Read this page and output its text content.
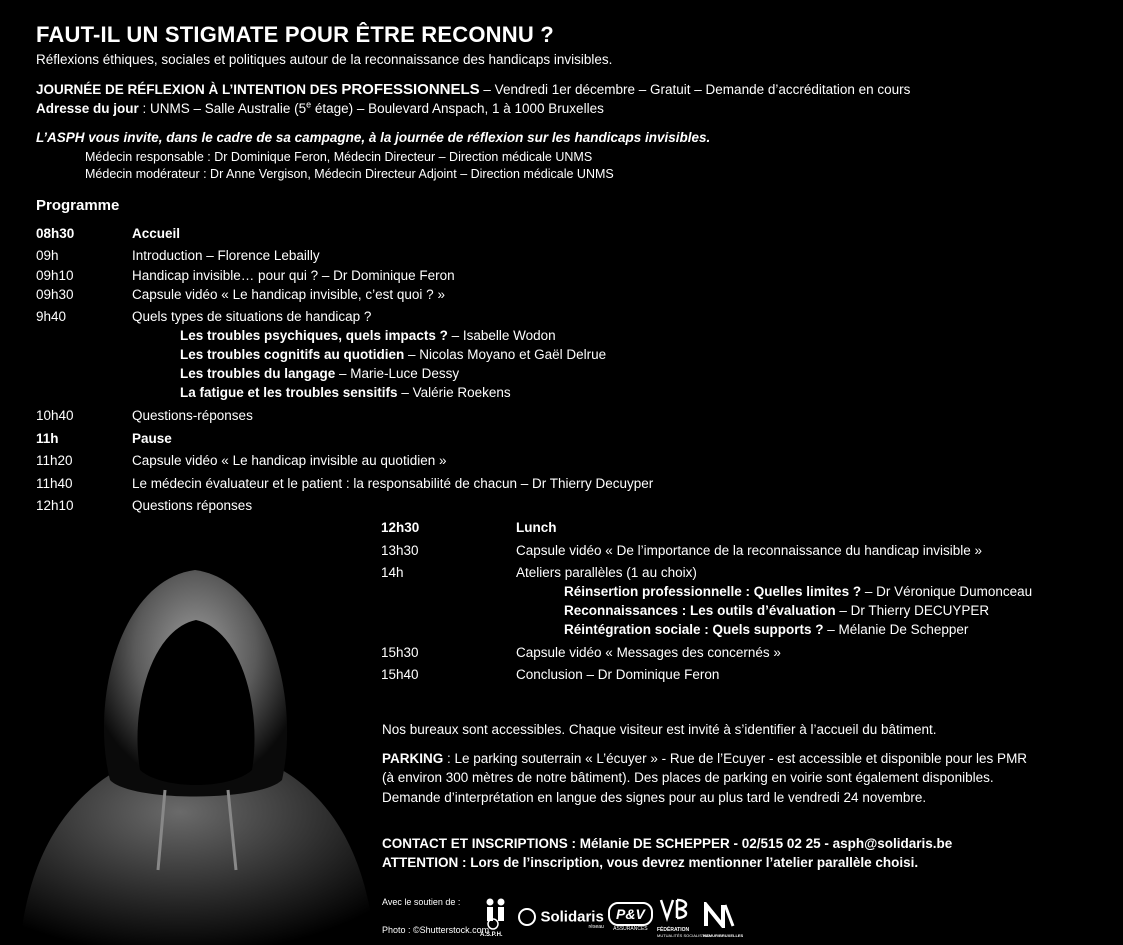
FAUT-IL UN STIGMATE POUR ÊTRE RECONNU ?
Réflexions éthiques, sociales et politiques autour de la reconnaissance des handicaps invisibles.
JOURNÉE DE RÉFLEXION À L’INTENTION DES PROFESSIONNELS – Vendredi 1er décembre – Gratuit – Demande d’accréditation en cours
Adresse du jour : UNMS – Salle Australie (5e étage) – Boulevard Anspach, 1 à 1000 Bruxelles
L’ASPH vous invite, dans le cadre de sa campagne, à la journée de réflexion sur les handicaps invisibles.
Médecin responsable : Dr Dominique Feron, Médecin Directeur – Direction médicale UNMS
Médecin modérateur : Dr Anne Vergison, Médecin Directeur Adjoint – Direction médicale UNMS
Programme
08h30	Accueil
09h	Introduction – Florence Lebailly
09h10	Handicap invisible… pour qui ? – Dr Dominique Feron
09h30	Capsule vidéo « Le handicap invisible, c’est quoi ? »
9h40	Quels types de situations de handicap ?
Les troubles psychiques, quels impacts ? – Isabelle Wodon
Les troubles cognitifs au quotidien – Nicolas Moyano et Gaël Delrue
Les troubles du langage – Marie-Luce Dessy
La fatigue et les troubles sensitifs – Valérie Roekens
10h40	Questions-réponses
11h	Pause
11h20	Capsule vidéo « Le handicap invisible au quotidien »
11h40	Le médecin évaluateur et le patient : la responsabilité de chacun – Dr Thierry Decuyper
12h10	Questions réponses
12h30	Lunch
13h30	Capsule vidéo « De l’importance de la reconnaissance du handicap invisible »
14h	Ateliers parallèles (1 au choix)
Réinsertion professionnelle : Quelles limites ? – Dr Véronique Dumonceau
Reconnaissances : Les outils d’évaluation – Dr Thierry DECUYPER
Réintégration sociale : Quels supports ? – Mélanie De Schepper
15h30	Capsule vidéo « Messages des concernés »
15h40	Conclusion – Dr Dominique Feron
Nos bureaux sont accessibles. Chaque visiteur est invité à s’identifier à l’accueil du bâtiment.
PARKING : Le parking souterrain « L’écuyer » - Rue de l’Ecuyer - est accessible et disponible pour les PMR
(à environ 300 mètres de notre bâtiment). Des places de parking en voirie sont également disponibles.
Demande d’interprétation en langue des signes pour au plus tard le vendredi 24 novembre.
CONTACT ET INSCRIPTIONS : Mélanie DE SCHEPPER - 02/515 02 25 - asph@solidaris.be
ATTENTION : Lors de l’inscription, vous devrez mentionner l’atelier parallèle choisi.
Avec le soutien de :
Photo : ©Shutterstock.com
A.S.P.H.
Solidaris
réseau
P&V
ASSURANCES	FÉDÉRATION
MUTUALITÉS SOCIALISTES
NAMUR/BRUXELLES
